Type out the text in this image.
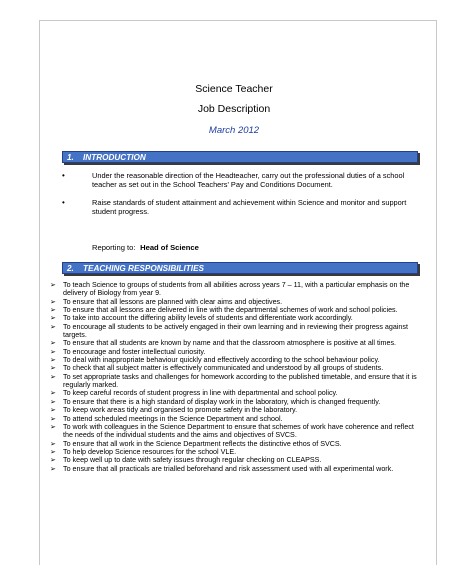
Science Teacher
Job Description
March 2012
1. INTRODUCTION
•	Under the reasonable direction of the Headteacher, carry out the professional duties of a school teacher as set out in the School Teachers' Pay and Conditions Document.
•	Raise standards of student attainment and achievement within Science and monitor and support student progress.
Reporting to: Head of Science
2. TEACHING RESPONSIBILITIES
➢ To teach Science to groups of students from all abilities across years 7 – 11, with a particular emphasis on the delivery of Biology from year 9.
➢ To ensure that all lessons are planned with clear aims and objectives.
➢ To ensure that all lessons are delivered in line with the departmental schemes of work and school policies.
➢ To take into account the differing ability levels of students and differentiate work accordingly.
➢ To encourage all students to be actively engaged in their own learning and in reviewing their progress against targets.
➢ To ensure that all students are known by name and that the classroom atmosphere is positive at all times.
➢ To encourage and foster intellectual curiosity.
➢ To deal with inappropriate behaviour quickly and effectively according to the school behaviour policy.
➢ To check that all subject matter is effectively communicated and understood by all groups of students.
➢ To set appropriate tasks and challenges for homework according to the published timetable, and ensure that it is regularly marked.
➢ To keep careful records of student progress in line with departmental and school policy.
➢ To ensure that there is a high standard of display work in the laboratory, which is changed frequently.
➢ To keep work areas tidy and organised to promote safety in the laboratory.
➢ To attend scheduled meetings in the Science Department and school.
➢ To work with colleagues in the Science Department to ensure that schemes of work have coherence and reflect the needs of the individual students and the aims and objectives of SVCS.
➢ To ensure that all work in the Science Department reflects the distinctive ethos of SVCS.
➢ To help develop Science resources for the school VLE.
➢ To keep well up to date with safety issues through regular checking on CLEAPSS.
➢ To ensure that all practicals are trialled beforehand and risk assessment used with all experimental work.
